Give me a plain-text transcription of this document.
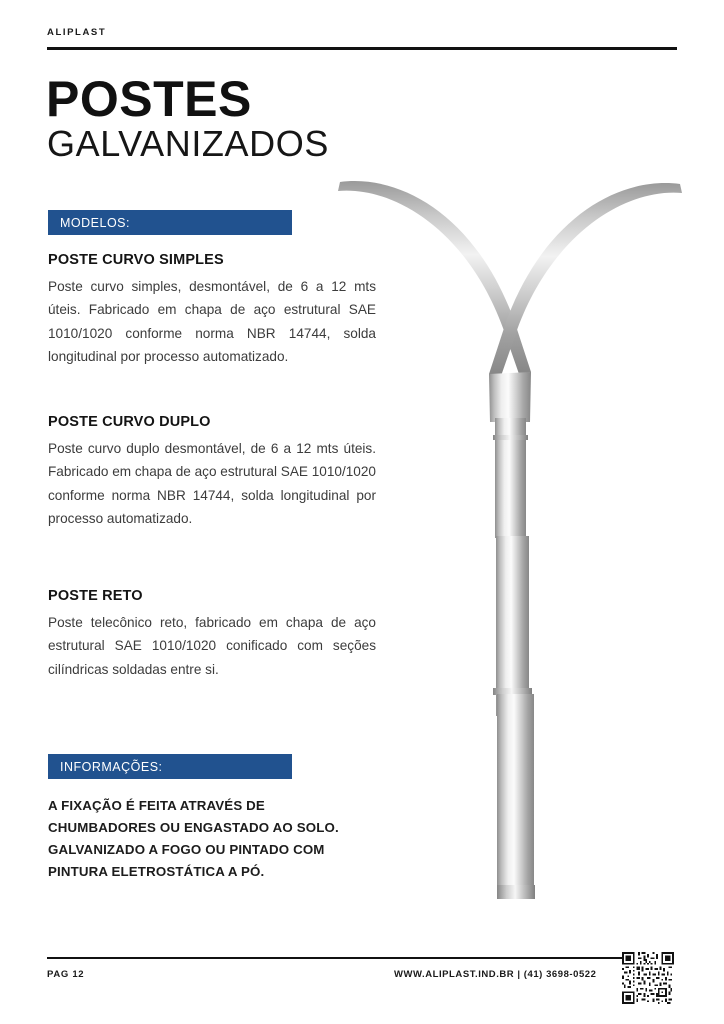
ALIPLAST
POSTES
GALVANIZADOS
MODELOS:

POSTE CURVO SIMPLES

Poste curvo simples, desmontável, de 6 a 12 mts úteis. Fabricado em chapa de aço estrutural SAE 1010/1020 conforme norma NBR 14744, solda longitudinal por processo automatizado.

POSTE CURVO DUPLO

Poste curvo duplo desmontável, de 6 a 12 mts úteis. Fabricado em chapa de aço estrutural SAE 1010/1020 conforme norma NBR 14744, solda longitudinal por processo automatizado.

POSTE RETO

Poste telecônico reto, fabricado em chapa de aço estrutural SAE 1010/1020 conificado com seções cilíndricas soldadas entre si.

INFORMAÇÕES:
A FIXAÇÃO É FEITA ATRAVÉS DE
CHUMBADORES OU ENGASTADO AO SOLO.
GALVANIZADO A FOGO OU PINTADO COM
PINTURA ELETROSTÁTICA A PÓ.
PAG 12	WWW.ALIPLAST.IND.BR | (41) 3698-0522
